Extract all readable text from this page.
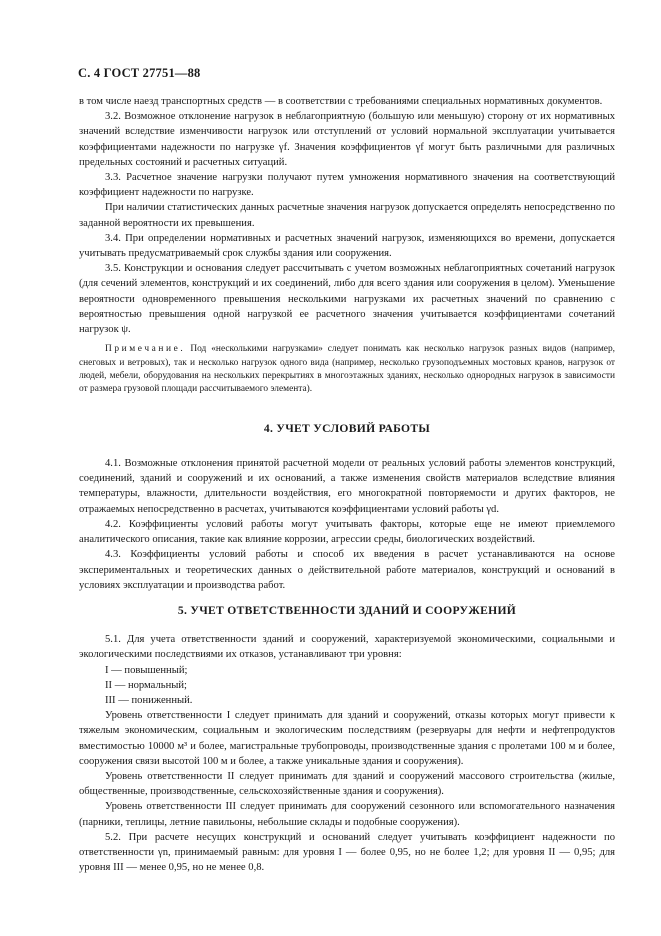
С. 4 ГОСТ 27751—88

в том числе наезд транспортных средств — в соответствии с требованиями специальных нормативных документов.

3.2. Возможное отклонение нагрузок в неблагоприятную (большую или меньшую) сторону от их нормативных значений вследствие изменчивости нагрузок или отступлений от условий нормальной эксплуатации учитывается коэффициентами надежности по нагрузке γf. Значения коэффициентов γf могут быть различными для различных предельных состояний и расчетных ситуаций.

3.3. Расчетное значение нагрузки получают путем умножения нормативного значения на соответствующий коэффициент надежности по нагрузке.

При наличии статистических данных расчетные значения нагрузок допускается определять непосредственно по заданной вероятности их превышения.

3.4. При определении нормативных и расчетных значений нагрузок, изменяющихся во времени, допускается учитывать предусматриваемый срок службы здания или сооружения.

3.5. Конструкции и основания следует рассчитывать с учетом возможных неблагоприятных сочетаний нагрузок (для сечений элементов, конструкций и их соединений, либо для всего здания или сооружения в целом). Уменьшение вероятности одновременного превышения несколькими нагрузками их расчетных значений по сравнению с вероятностью превышения одной нагрузкой ее расчетного значения учитывается коэффициентами сочетаний нагрузок ψ.

Примечание. Под «несколькими нагрузками» следует понимать как несколько нагрузок разных видов (например, снеговых и ветровых), так и несколько нагрузок одного вида (например, несколько грузоподъемных мостовых кранов, нагрузок от людей, мебели, оборудования на нескольких перекрытиях в многоэтажных зданиях, несколько однородных нагрузок в зависимости от размера грузовой площади рассчитываемого элемента).

4. УЧЕТ УСЛОВИЙ РАБОТЫ

4.1. Возможные отклонения принятой расчетной модели от реальных условий работы элементов конструкций, соединений, зданий и сооружений и их оснований, а также изменения свойств материалов вследствие влияния температуры, влажности, длительности воздействия, его многократной повторяемости и других факторов, не отражаемых непосредственно в расчетах, учитываются коэффициентами условий работы γd.

4.2. Коэффициенты условий работы могут учитывать факторы, которые еще не имеют приемлемого аналитического описания, такие как влияние коррозии, агрессии среды, биологических воздействий.

4.3. Коэффициенты условий работы и способ их введения в расчет устанавливаются на основе экспериментальных и теоретических данных о действительной работе материалов, конструкций и оснований в условиях эксплуатации и производства работ.

5. УЧЕТ ОТВЕТСТВЕННОСТИ ЗДАНИЙ И СООРУЖЕНИЙ

5.1. Для учета ответственности зданий и сооружений, характеризуемой экономическими, социальными и экологическими последствиями их отказов, устанавливают три уровня:

I — повышенный;

II — нормальный;

III — пониженный.

Уровень ответственности I следует принимать для зданий и сооружений, отказы которых могут привести к тяжелым экономическим, социальным и экологическим последствиям (резервуары для нефти и нефтепродуктов вместимостью 10000 м³ и более, магистральные трубопроводы, производственные здания с пролетами 100 м и более, сооружения связи высотой 100 м и более, а также уникальные здания и сооружения).

Уровень ответственности II следует принимать для зданий и сооружений массового строительства (жилые, общественные, производственные, сельскохозяйственные здания и сооружения).

Уровень ответственности III следует принимать для сооружений сезонного или вспомогательного назначения (парники, теплицы, летние павильоны, небольшие склады и подобные сооружения).

5.2. При расчете несущих конструкций и оснований следует учитывать коэффициент надежности по ответственности γn, принимаемый равным: для уровня I — более 0,95, но не более 1,2; для уровня II — 0,95; для уровня III — менее 0,95, но не менее 0,8.
